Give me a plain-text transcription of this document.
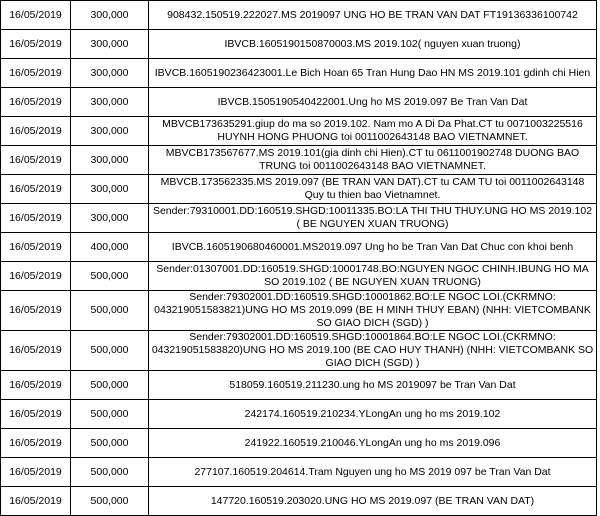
16/05/2019	300,000	908432.150519.222027.MS 2019097 UNG HO BE TRAN VAN DAT FT19136336100742
16/05/2019	300,000	IBVCB.1605190150870003.MS 2019.102( nguyen xuan truong)
16/05/2019	300,000	IBVCB.1605190236423001.Le Bich Hoan 65 Tran Hung Dao HN MS 2019.101 gdinh chi Hien
16/05/2019	300,000	IBVCB.1505190540422001.Ung ho MS 2019.097 Be Tran Van Dat
16/05/2019	300,000	MBVCB173635291.giup do ma so 2019.102. Nam mo A Di Da Phat.CT tu 0071003225516 HUYNH HONG PHUONG toi 0011002643148 BAO VIETNAMNET.
16/05/2019	300,000	MBVCB173567677.MS 2019.101(gia dinh chi Hien).CT tu 0611001902748 DUONG BAO TRUNG toi 0011002643148 BAO VIETNAMNET.
16/05/2019	300,000	MBVCB.173562335.MS 2019.097 (BE TRAN VAN DAT).CT tu CAM TU toi 0011002643148 Quy tu thien bao Vietnamnet.
16/05/2019	300,000	Sender:79310001.DD:160519.SHGD:10011335.BO:LA THI THU THUY.UNG HO MS 2019.102 ( BE NGUYEN XUAN TRUONG)
16/05/2019	400,000	IBVCB.1605190680460001.MS2019.097 Ung ho be Tran Van Dat Chuc con khoi benh
16/05/2019	500,000	Sender:01307001.DD:160519.SHGD:10001748.BO:NGUYEN NGOC CHINH.IBUNG HO MA SO 2019.102 ( BE NGUYEN XUAN TRUONG)
16/05/2019	500,000	Sender:79302001.DD:160519.SHGD:10001862.BO:LE NGOC LOI.(CKRMNO: 043219051583821)UNG HO MS 2019.099 (BE H MINH THUY EBAN) (NHH: VIETCOMBANK SO GIAO DICH (SGD) )
16/05/2019	500,000	Sender:79302001.DD:160519.SHGD:10001864.BO:LE NGOC LOI.(CKRMNO: 043219051583820)UNG HO MS 2019.100 (BE CAO HUY THANH) (NHH: VIETCOMBANK SO GIAO DICH (SGD) )
16/05/2019	500,000	518059.160519.211230.ung ho MS 2019097 be Tran Van Dat
16/05/2019	500,000	242174.160519.210234.YLongAn ung ho ms 2019.102
16/05/2019	500,000	241922.160519.210046.YLongAn ung ho ms 2019.096
16/05/2019	500,000	277107.160519.204614.Tram Nguyen ung ho MS 2019 097 be Tran Van Dat
16/05/2019	500,000	147720.160519.203020.UNG HO MS 2019.097 (BE TRAN VAN DAT)
